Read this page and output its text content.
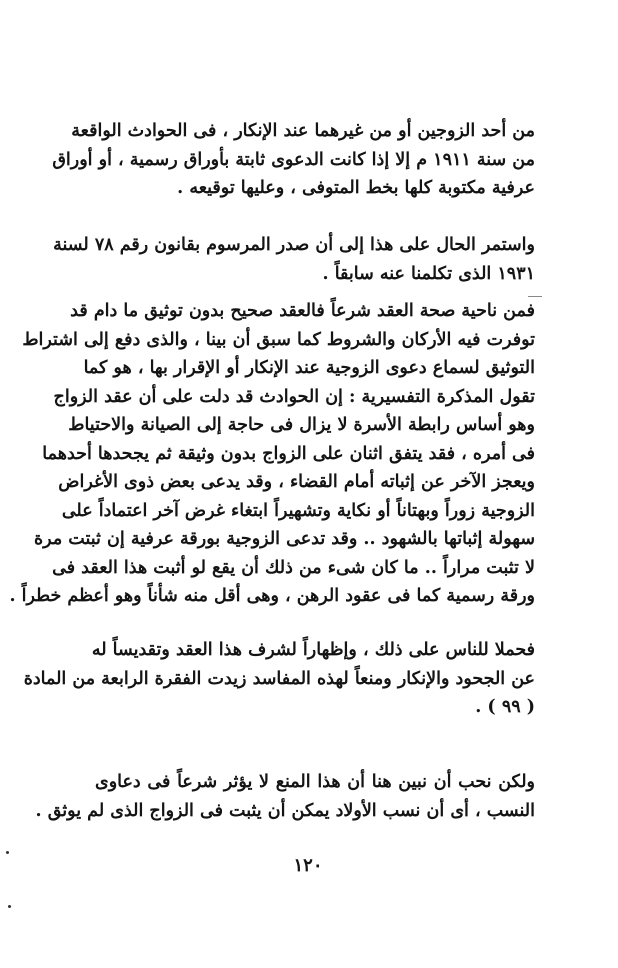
من أحد الزوجين أو من غيرهما عند الإنكار ، فى الحوادث الواقعة
من سنة ١٩١١ م إلا إذا كانت الدعوى ثابتة بأوراق رسمية ، أو أوراق
عرفية مكتوبة كلها بخط المتوفى ، وعليها توقيعه .
واستمر الحال على هذا إلى أن صدر المرسوم بقانون رقم ٧٨ لسنة
١٩٣١ الذى تكلمنا عنه سابقاً .
فمن ناحية صحة العقد شرعاً فالعقد صحيح بدون توثيق ما دام قد
توفرت فيه الأركان والشروط كما سبق أن بينا ، والذى دفع إلى اشتراط
التوثيق لسماع دعوى الزوجية عند الإنكار أو الإقرار بها ، هو كما
تقول المذكرة التفسيرية : إن الحوادث قد دلت على أن عقد الزواج
وهو أساس رابطة الأسرة لا يزال فى حاجة إلى الصيانة والاحتياط
فى أمره ، فقد يتفق اثنان على الزواج بدون وثيقة ثم يجحدها أحدهما
ويعجز الآخر عن إثباته أمام القضاء ، وقد يدعى بعض ذوى الأغراض
الزوجية زوراً وبهتاناً أو نكاية وتشهيراً ابتغاء غرض آخر اعتماداً على
سهولة إثباتها بالشهود .. وقد تدعى الزوجية بورقة عرفية إن ثبتت مرة
لا تثبت مراراً .. ما كان شىء من ذلك أن يقع لو أثبت هذا العقد فى
ورقة رسمية كما فى عقود الرهن ، وهى أقل منه شأناً وهو أعظم خطراً .
فحملا للناس على ذلك ، وإظهاراً لشرف هذا العقد وتقديساً له
عن الجحود والإنكار ومنعاً لهذه المفاسد زيدت الفقرة الرابعة من المادة
( ٩٩ ) .
ولكن نحب أن نبين هنا أن هذا المنع لا يؤثر شرعاً فى دعاوى
النسب ، أى أن نسب الأولاد يمكن أن يثبت فى الزواج الذى لم يوثق .
١٢٠
